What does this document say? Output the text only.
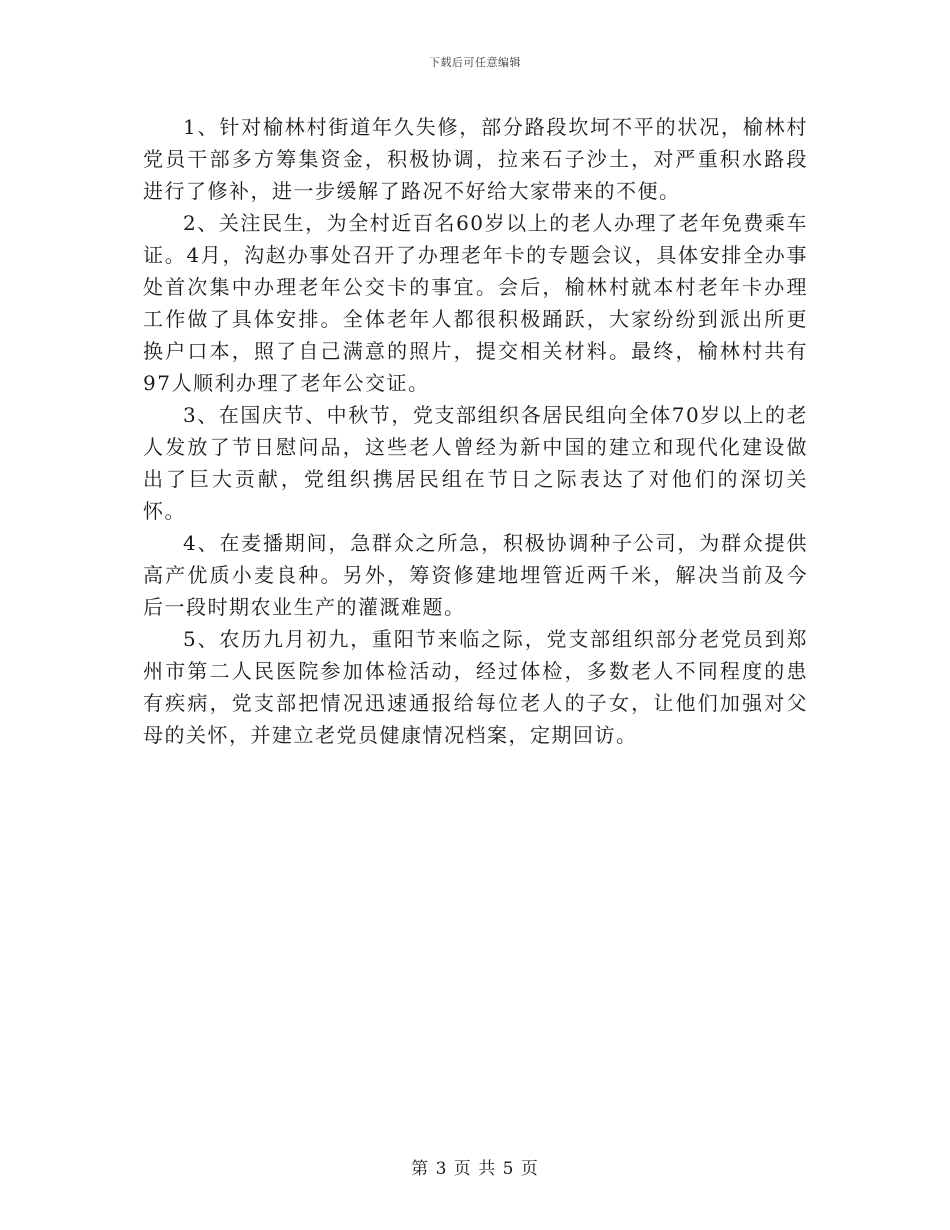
下载后可任意编辑

1、针对榆林村街道年久失修，部分路段坎坷不平的状况，榆林村党员干部多方筹集资金，积极协调，拉来石子沙土，对严重积水路段进行了修补，进一步缓解了路况不好给大家带来的不便。

2、关注民生，为全村近百名60岁以上的老人办理了老年免费乘车证。4月，沟赵办事处召开了办理老年卡的专题会议，具体安排全办事处首次集中办理老年公交卡的事宜。会后，榆林村就本村老年卡办理工作做了具体安排。全体老年人都很积极踊跃，大家纷纷到派出所更换户口本，照了自己满意的照片，提交相关材料。最终，榆林村共有97人顺利办理了老年公交证。

3、在国庆节、中秋节，党支部组织各居民组向全体70岁以上的老人发放了节日慰问品，这些老人曾经为新中国的建立和现代化建设做出了巨大贡献，党组织携居民组在节日之际表达了对他们的深切关怀。

4、在麦播期间，急群众之所急，积极协调种子公司，为群众提供高产优质小麦良种。另外，筹资修建地埋管近两千米，解决当前及今后一段时期农业生产的灌溉难题。

5、农历九月初九，重阳节来临之际，党支部组织部分老党员到郑州市第二人民医院参加体检活动，经过体检，多数老人不同程度的患有疾病，党支部把情况迅速通报给每位老人的子女，让他们加强对父母的关怀，并建立老党员健康情况档案，定期回访。

第 3 页 共 5 页
